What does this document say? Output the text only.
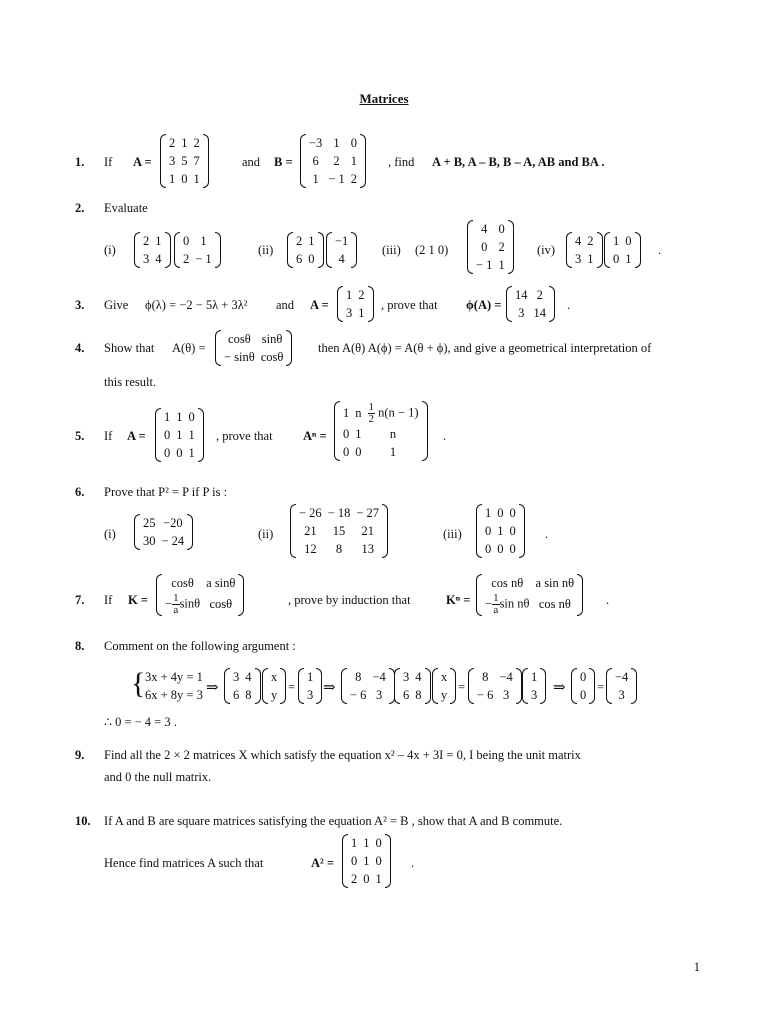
Matrices
1. If A =
2	1	2
3	5	7
1	0	1
and B =
−3	1	0
6	2	1
1	− 1	2
, find A + B, A – B, B – A, AB and BA .
2. Evaluate
(i)
2	1
3	4
0	1
2	− 1
(ii)
2	1
6	0
−1
4
(iii) (2 1 0)
4	0
0	2
− 1	1
(iv)
4	2
3	1
1	0
0	1
.
3. Give ϕ(λ) = −2 − 5λ + 3λ² and A =
1	2
3	1
, prove that ϕ(A) =
14	2
3	14
.
4. Show that A(θ) =
cosθ	sinθ
− sinθ	cosθ
then A(θ) A(ϕ) = A(θ + ϕ), and give a geometrical interpretation of
this result.
5. If A =
1	1	0
0	1	1
0	0	1
, prove that Aⁿ =
1	n	$\frac{1}{2} n(n - 1)$
0	1	n
0	0	1
.
6. Prove that P² = P if P is :
(i)
25	−20
30	− 24	(ii)
− 26	− 18	− 27
21	15	21
12	8	13
(iii)
1	0	0
0	1	0
0	0	0
.
7. If K =
cosθ	a sinθ
− $\frac{1}{a}$ sinθ	cosθ	, prove by induction that	Kⁿ =
cos nθ	a sin nθ
− $\frac{1}{a}$ sin nθ	cos nθ	.
8. Comment on the following argument :
{ 3x + 4y = 1
6x + 8y = 3 ⇒
3	4
6	8
x
y
=
1
3 ⇒
8	−4
− 6	3
3	4
6	8
x
y
=
8	−4
− 6	3
1
3 ⇒
0
0
=
−4
3
∴ 0 = − 4 = 3 .
9. Find all the 2 × 2 matrices X which satisfy the equation x² – 4x + 3I = 0, I being the unit matrix
and 0 the null matrix.
10. If A and B are square matrices satisfying the equation A² = B , show that A and B commute.
Hence find matrices A such that	A² =
1	1	0
0	1	0
2	0	1
.
1
